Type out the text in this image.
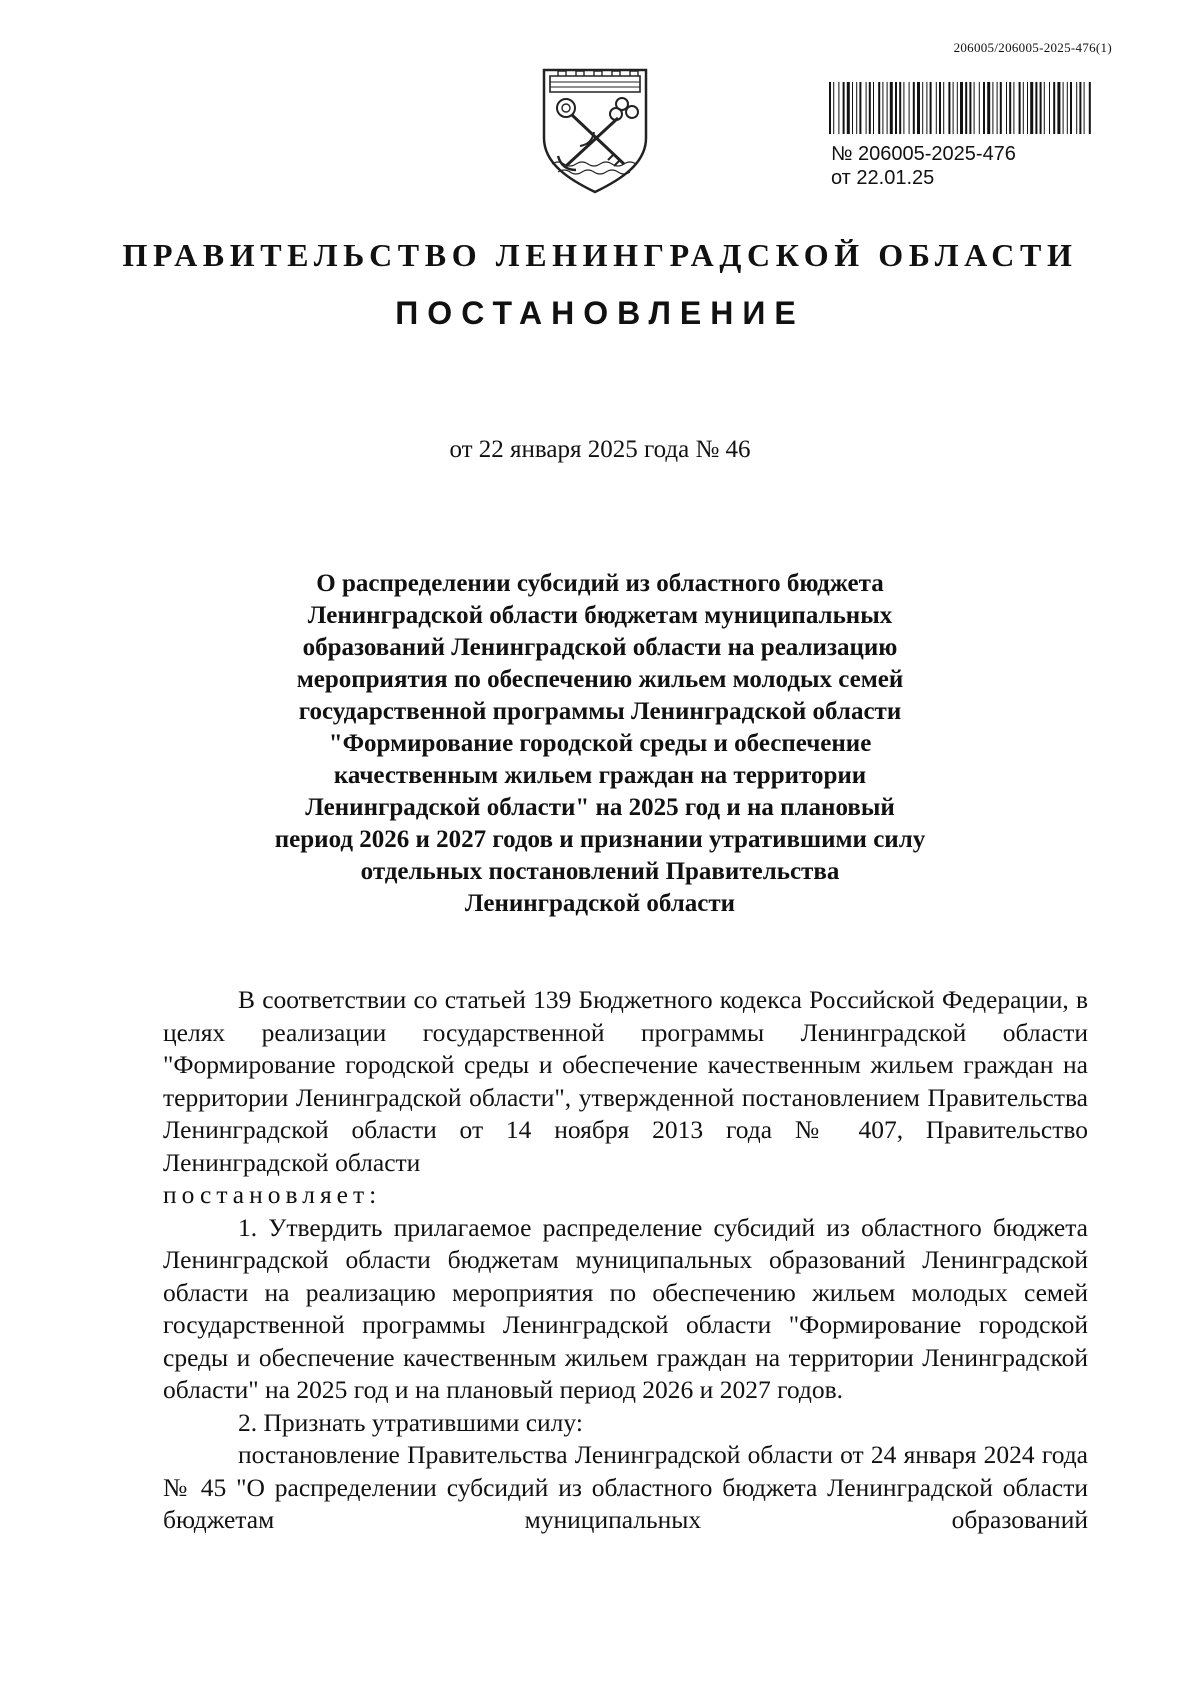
206005/206005-2025-476(1)
№ 206005-2025-476
от 22.01.25
ПРАВИТЕЛЬСТВО ЛЕНИНГРАДСКОЙ ОБЛАСТИ
ПОСТАНОВЛЕНИЕ
от 22 января 2025 года № 46
О распределении субсидий из областного бюджета
Ленинградской области бюджетам муниципальных
образований Ленинградской области на реализацию
мероприятия по обеспечению жильем молодых семей
государственной программы Ленинградской области
"Формирование городской среды и обеспечение
качественным жильем граждан на территории
Ленинградской области" на 2025 год и на плановый
период 2026 и 2027 годов и признании утратившими силу
отдельных постановлений Правительства
Ленинградской области

В соответствии со статьей 139 Бюджетного кодекса Российской Федерации, в целях реализации государственной программы Ленинградской области "Формирование городской среды и обеспечение качественным жильем граждан на территории Ленинградской области", утвержденной постановлением Правительства Ленинградской области от 14 ноября 2013 года № 407, Правительство Ленинградской области

постановляет:

1. Утвердить прилагаемое распределение субсидий из областного бюджета Ленинградской области бюджетам муниципальных образований Ленинградской области на реализацию мероприятия по обеспечению жильем молодых семей государственной программы Ленинградской области "Формирование городской среды и обеспечение качественным жильем граждан на территории Ленинградской области" на 2025 год и на плановый период 2026 и 2027 годов.

2. Признать утратившими силу:

постановление Правительства Ленинградской области от 24 января 2024 года № 45 "О распределении субсидий из областного бюджета Ленинградской области бюджетам муниципальных образований
